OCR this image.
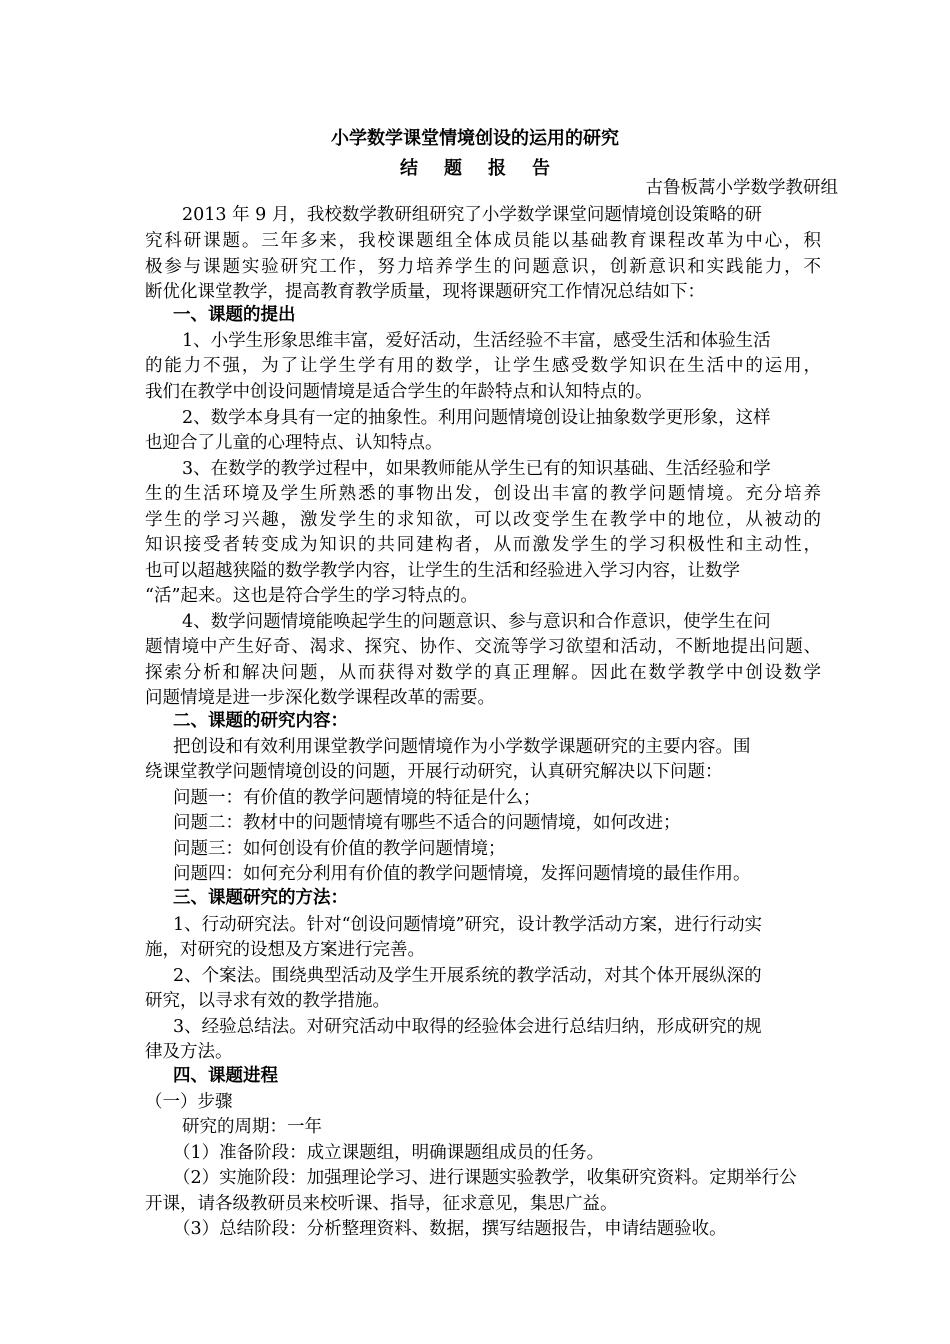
小学数学课堂情境创设的运用的研究
结题报告
古鲁板蒿小学数学教研组
2013 年 9 月，我校数学教研组研究了小学数学课堂问题情境创设策略的研
究科研课题。三年多来，我校课题组全体成员能以基础教育课程改革为中心，积
极参与课题实验研究工作，努力培养学生的问题意识，创新意识和实践能力，不
断优化课堂教学，提高教育教学质量，现将课题研究工作情况总结如下：
一、课题的提出
1、小学生形象思维丰富，爱好活动，生活经验不丰富，感受生活和体验生活
的能力不强，为了让学生学有用的数学，让学生感受数学知识在生活中的运用，
我们在教学中创设问题情境是适合学生的年龄特点和认知特点的。
2、数学本身具有一定的抽象性。利用问题情境创设让抽象数学更形象，这样
也迎合了儿童的心理特点、认知特点。
3、在数学的教学过程中，如果教师能从学生已有的知识基础、生活经验和学
生的生活环境及学生所熟悉的事物出发，创设出丰富的教学问题情境。充分培养
学生的学习兴趣，激发学生的求知欲，可以改变学生在教学中的地位，从被动的
知识接受者转变成为知识的共同建构者，从而激发学生的学习积极性和主动性，
也可以超越狭隘的数学教学内容，让学生的生活和经验进入学习内容，让数学
“活”起来。这也是符合学生的学习特点的。
4、数学问题情境能唤起学生的问题意识、参与意识和合作意识，使学生在问
题情境中产生好奇、渴求、探究、协作、交流等学习欲望和活动，不断地提出问题、
探索分析和解决问题，从而获得对数学的真正理解。因此在数学教学中创设数学
问题情境是进一步深化数学课程改革的需要。
二、课题的研究内容：
把创设和有效利用课堂教学问题情境作为小学数学课题研究的主要内容。围
绕课堂教学问题情境创设的问题，开展行动研究，认真研究解决以下问题：
问题一：有价值的教学问题情境的特征是什么；
问题二：教材中的问题情境有哪些不适合的问题情境，如何改进；
问题三：如何创设有价值的教学问题情境；
问题四：如何充分利用有价值的教学问题情境，发挥问题情境的最佳作用。
三、课题研究的方法：
1、行动研究法。针对“创设问题情境”研究，设计教学活动方案，进行行动实
施，对研究的设想及方案进行完善。
2、个案法。围绕典型活动及学生开展系统的教学活动，对其个体开展纵深的
研究，以寻求有效的教学措施。
3、经验总结法。对研究活动中取得的经验体会进行总结归纳，形成研究的规
律及方法。
四、课题进程
（一）步骤
研究的周期：一年
（1）准备阶段：成立课题组，明确课题组成员的任务。
（2）实施阶段：加强理论学习、进行课题实验教学，收集研究资料。定期举行公
开课，请各级教研员来校听课、指导，征求意见，集思广益。
（3）总结阶段：分析整理资料、数据，撰写结题报告，申请结题验收。
